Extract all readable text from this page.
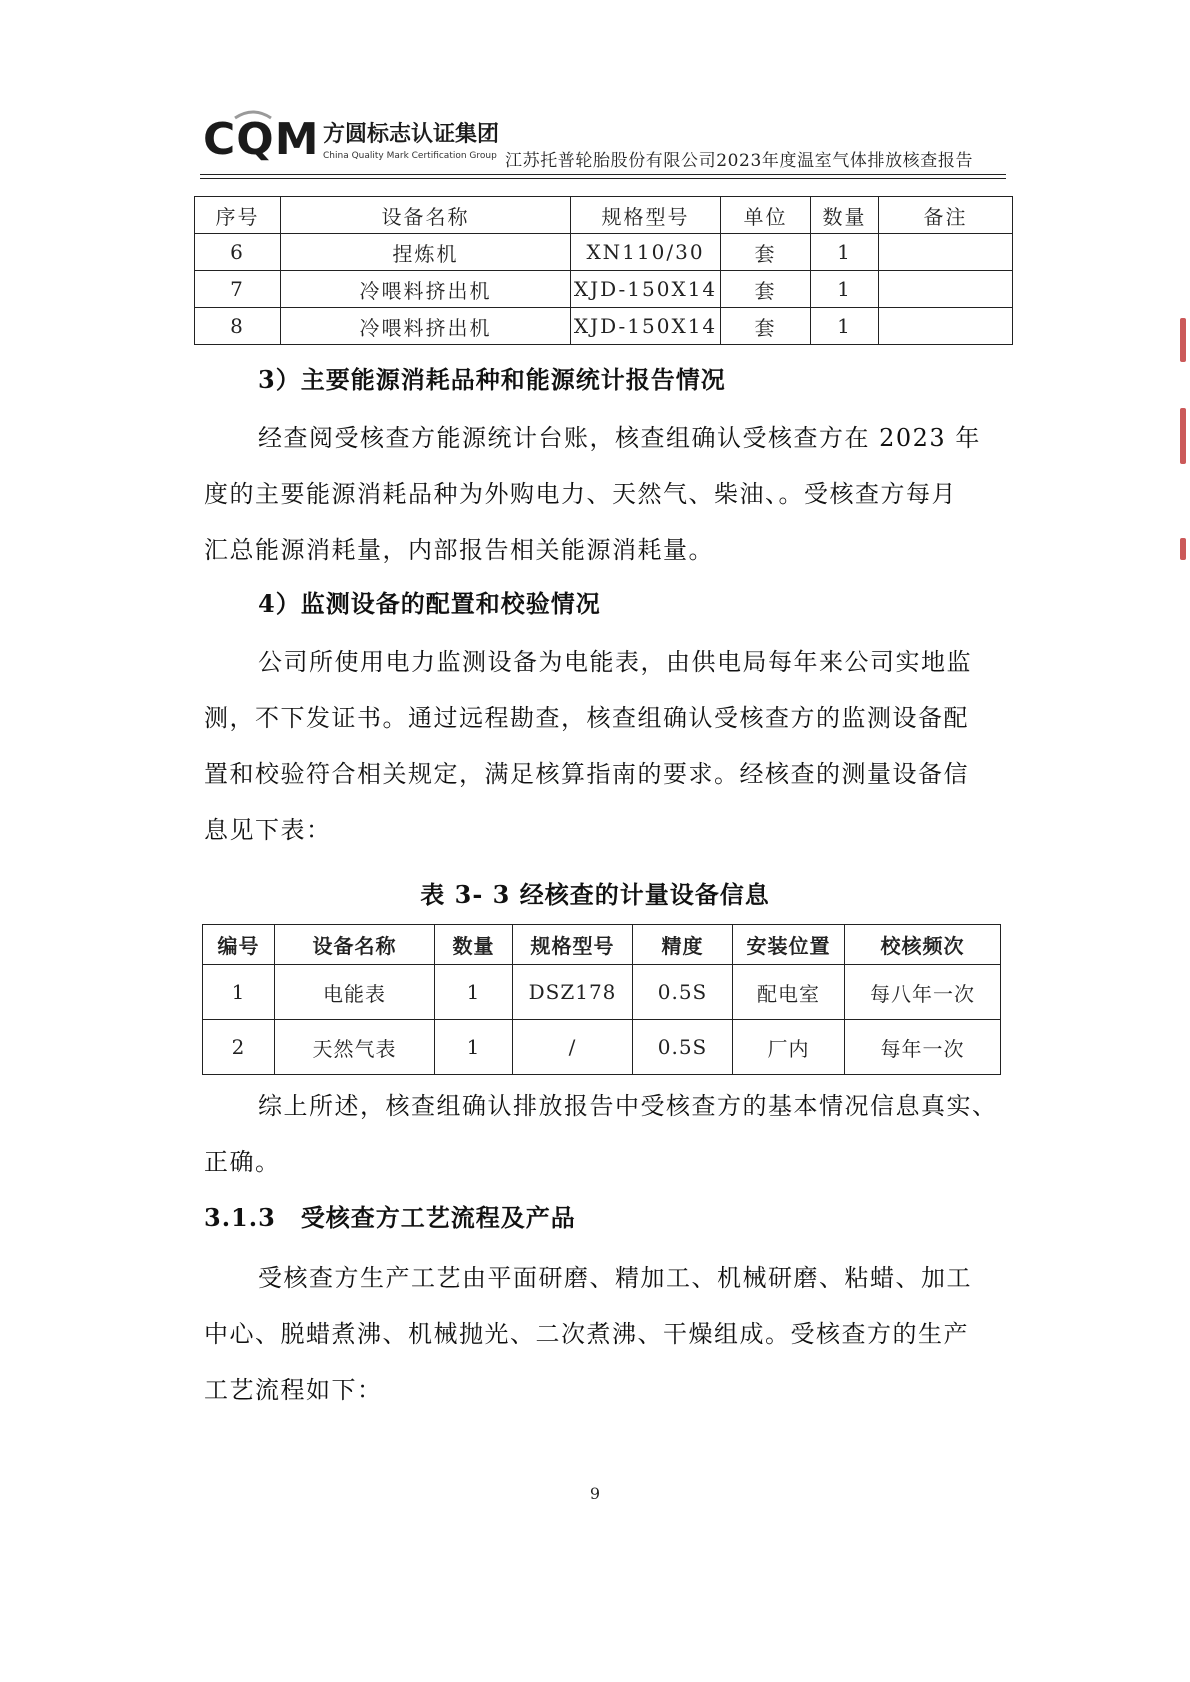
CQM 方圆标志认证集团
China Quality Mark Certification Group 江苏托普轮胎股份有限公司2023年度温室气体排放核查报告
序号	设备名称	规格型号	单位	数量	备注
6	捏炼机	XN110/30	套	1	
7	冷喂料挤出机	XJD-150X14	套	1	
8	冷喂料挤出机	XJD-150X14	套	1	
3）主要能源消耗品种和能源统计报告情况
经查阅受核查方能源统计台账，核查组确认受核查方在 2023 年
度的主要能源消耗品种为外购电力、天然气、柴油、。受核查方每月
汇总能源消耗量，内部报告相关能源消耗量。
4）监测设备的配置和校验情况
公司所使用电力监测设备为电能表，由供电局每年来公司实地监
测，不下发证书。通过远程勘查，核查组确认受核查方的监测设备配
置和校验符合相关规定，满足核算指南的要求。经核查的测量设备信
息见下表：
表 3- 3 经核查的计量设备信息
编号	设备名称	数量	规格型号	精度	安装位置	校核频次
1	电能表	1	DSZ178	0.5S	配电室	每八年一次
2	天然气表	1	/	0.5S	厂内	每年一次
综上所述，核查组确认排放报告中受核查方的基本情况信息真实、
正确。
3.1.3　受核查方工艺流程及产品
受核查方生产工艺由平面研磨、精加工、机械研磨、粘蜡、加工
中心、脱蜡煮沸、机械抛光、二次煮沸、干燥组成。受核查方的生产
工艺流程如下：
9
